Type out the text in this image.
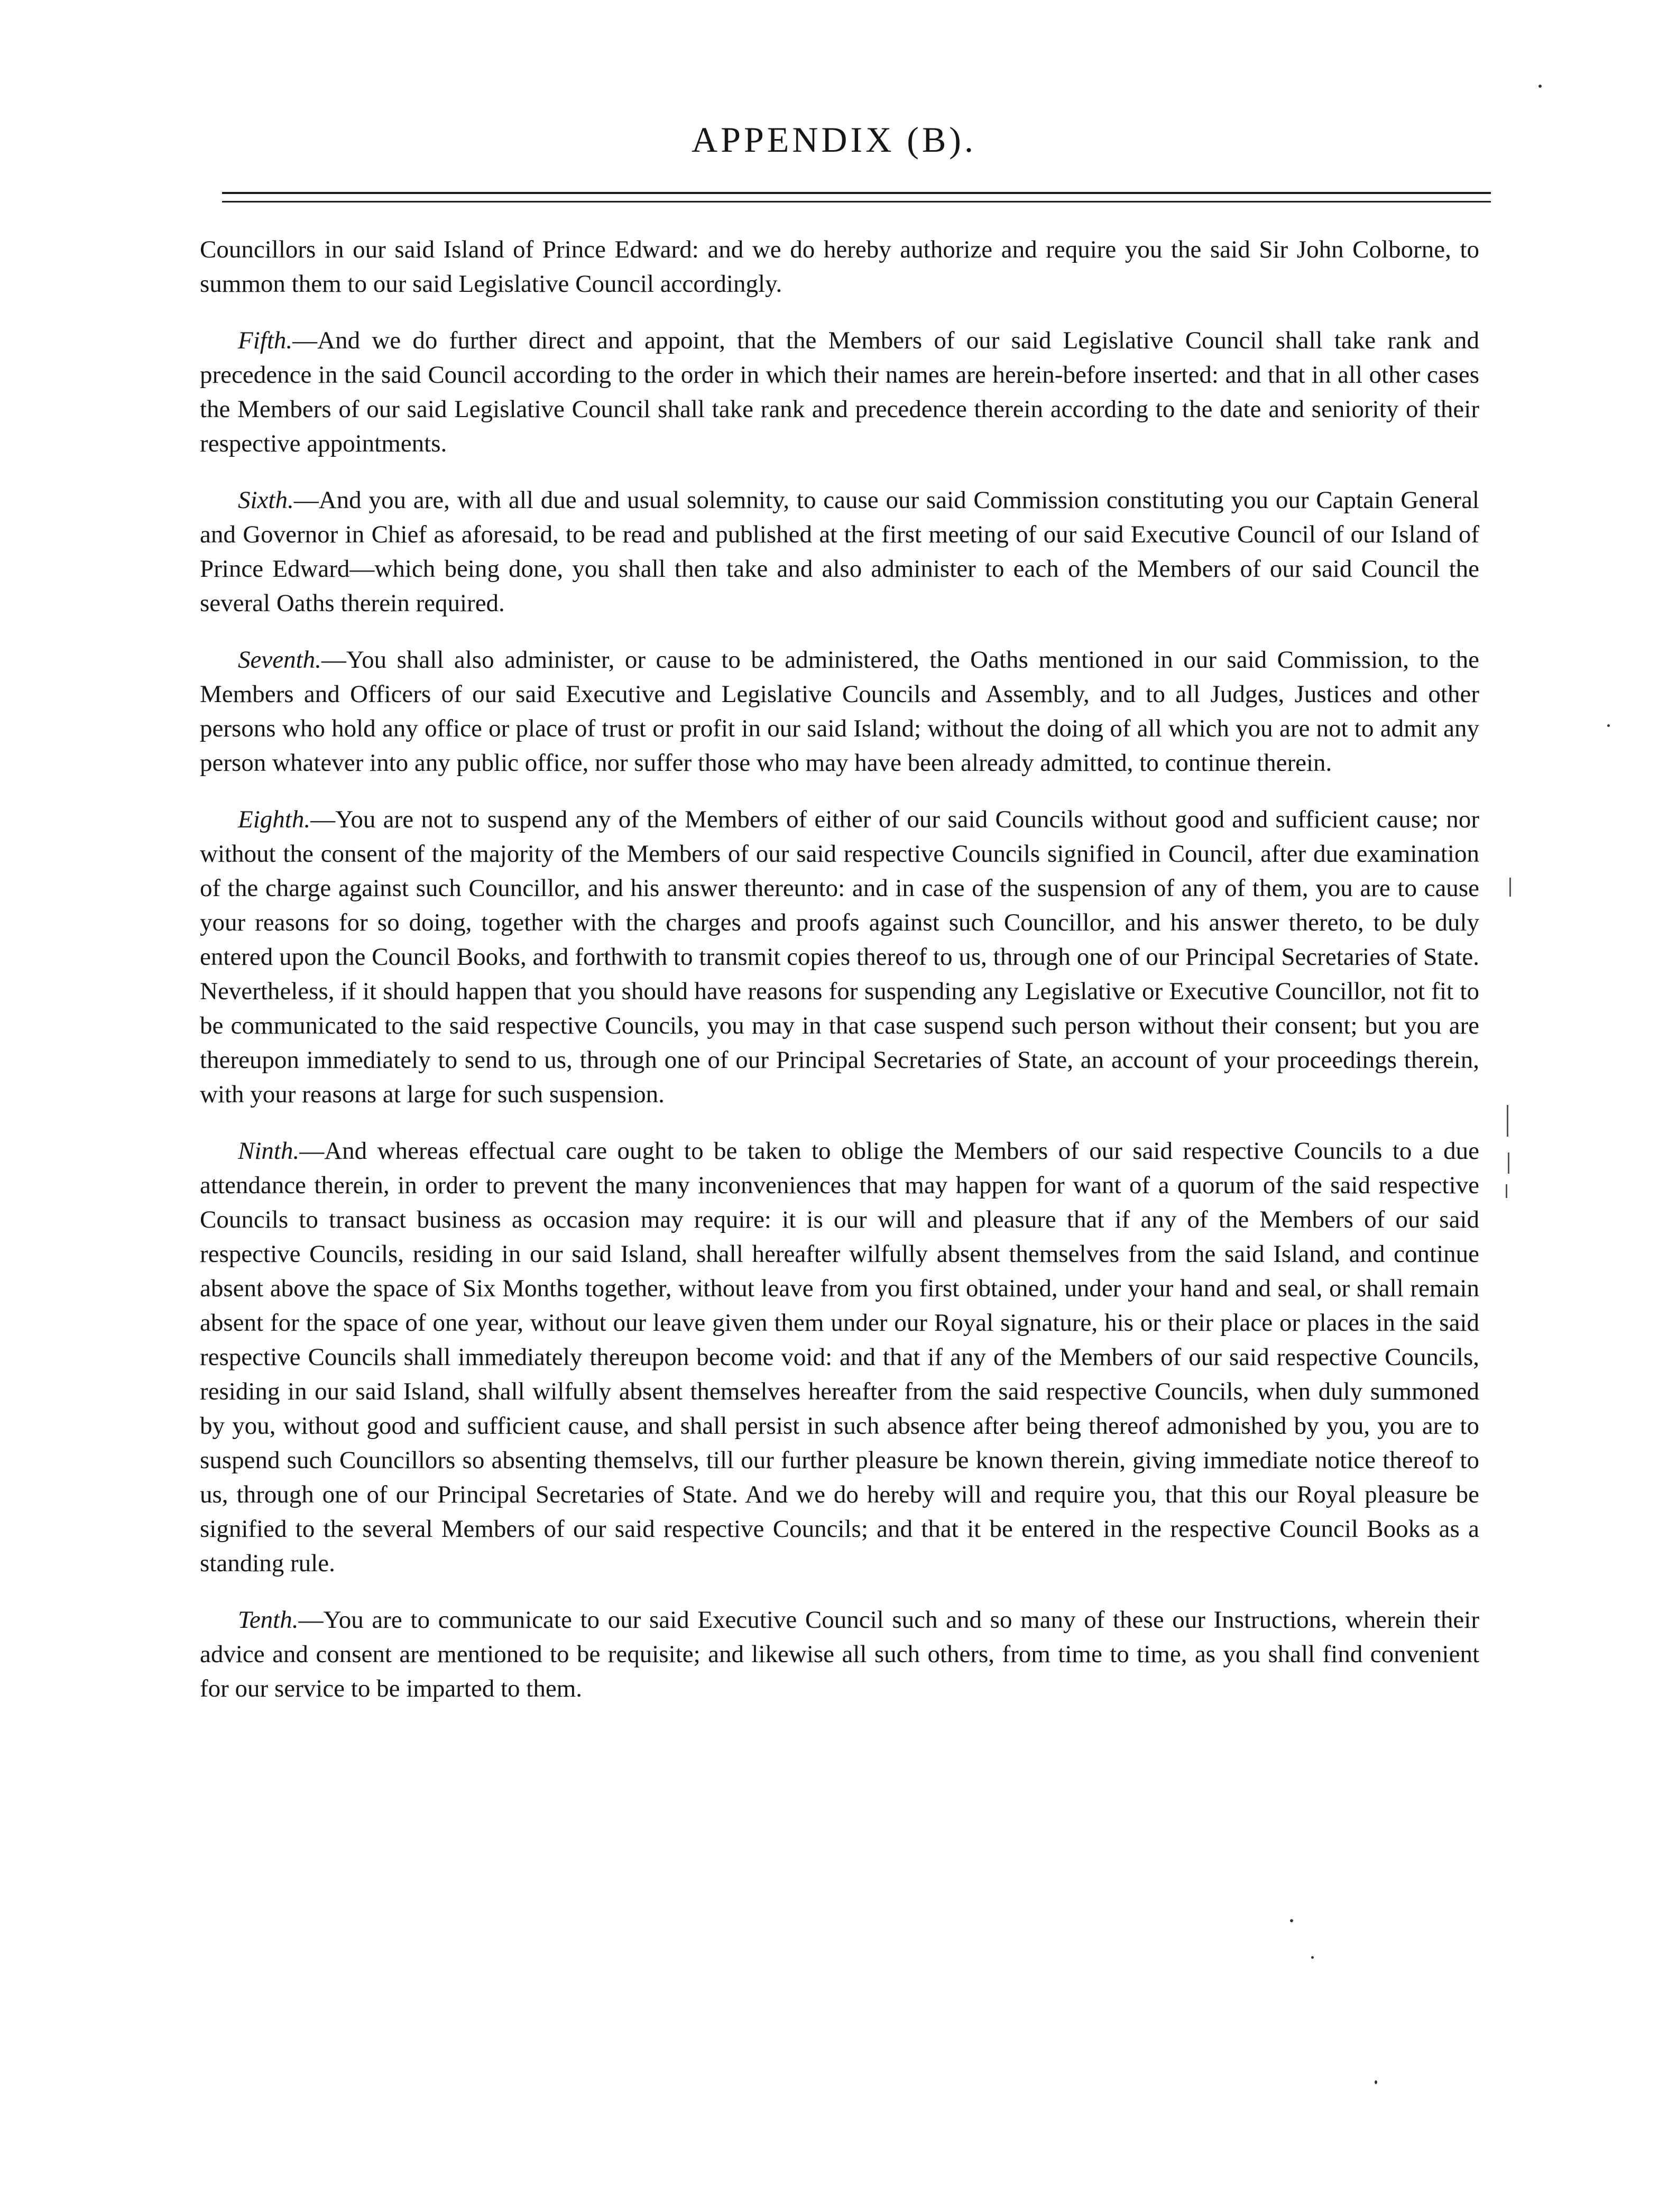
APPENDIX (B).

Councillors in our said Island of Prince Edward: and we do hereby authorize and require you the said Sir John Colborne, to summon them to our said Legislative Council accordingly.

Fifth.—And we do further direct and appoint, that the Members of our said Legislative Council shall take rank and precedence in the said Council according to the order in which their names are herein-before inserted: and that in all other cases the Members of our said Legislative Council shall take rank and precedence therein according to the date and seniority of their respective appointments.

Sixth.—And you are, with all due and usual solemnity, to cause our said Commission constituting you our Captain General and Governor in Chief as aforesaid, to be read and published at the first meeting of our said Executive Council of our Island of Prince Edward—which being done, you shall then take and also administer to each of the Members of our said Council the several Oaths therein required.

Seventh.—You shall also administer, or cause to be administered, the Oaths mentioned in our said Commission, to the Members and Officers of our said Executive and Legislative Councils and Assembly, and to all Judges, Justices and other persons who hold any office or place of trust or profit in our said Island; without the doing of all which you are not to admit any person whatever into any public office, nor suffer those who may have been already admitted, to continue therein.

Eighth.—You are not to suspend any of the Members of either of our said Councils without good and sufficient cause; nor without the consent of the majority of the Members of our said respective Councils signified in Council, after due examination of the charge against such Councillor, and his answer thereunto: and in case of the suspension of any of them, you are to cause your reasons for so doing, together with the charges and proofs against such Councillor, and his answer thereto, to be duly entered upon the Council Books, and forthwith to transmit copies thereof to us, through one of our Principal Secretaries of State. Nevertheless, if it should happen that you should have reasons for suspending any Legislative or Executive Councillor, not fit to be communicated to the said respective Councils, you may in that case suspend such person without their consent; but you are thereupon immediately to send to us, through one of our Principal Secretaries of State, an account of your proceedings therein, with your reasons at large for such suspension.

Ninth.—And whereas effectual care ought to be taken to oblige the Members of our said respective Councils to a due attendance therein, in order to prevent the many inconveniences that may happen for want of a quorum of the said respective Councils to transact business as occasion may require: it is our will and pleasure that if any of the Members of our said respective Councils, residing in our said Island, shall hereafter wilfully absent themselves from the said Island, and continue absent above the space of Six Months together, without leave from you first obtained, under your hand and seal, or shall remain absent for the space of one year, without our leave given them under our Royal signature, his or their place or places in the said respective Councils shall immediately thereupon become void: and that if any of the Members of our said respective Councils, residing in our said Island, shall wilfully absent themselves hereafter from the said respective Councils, when duly summoned by you, without good and sufficient cause, and shall persist in such absence after being thereof admonished by you, you are to suspend such Councillors so absenting themselvs, till our further pleasure be known therein, giving immediate notice thereof to us, through one of our Principal Secretaries of State. And we do hereby will and require you, that this our Royal pleasure be signified to the several Members of our said respective Councils; and that it be entered in the respective Council Books as a standing rule.

Tenth.—You are to communicate to our said Executive Council such and so many of these our Instructions, wherein their advice and consent are mentioned to be requisite; and likewise all such others, from time to time, as you shall find convenient for our service to be imparted to them.
